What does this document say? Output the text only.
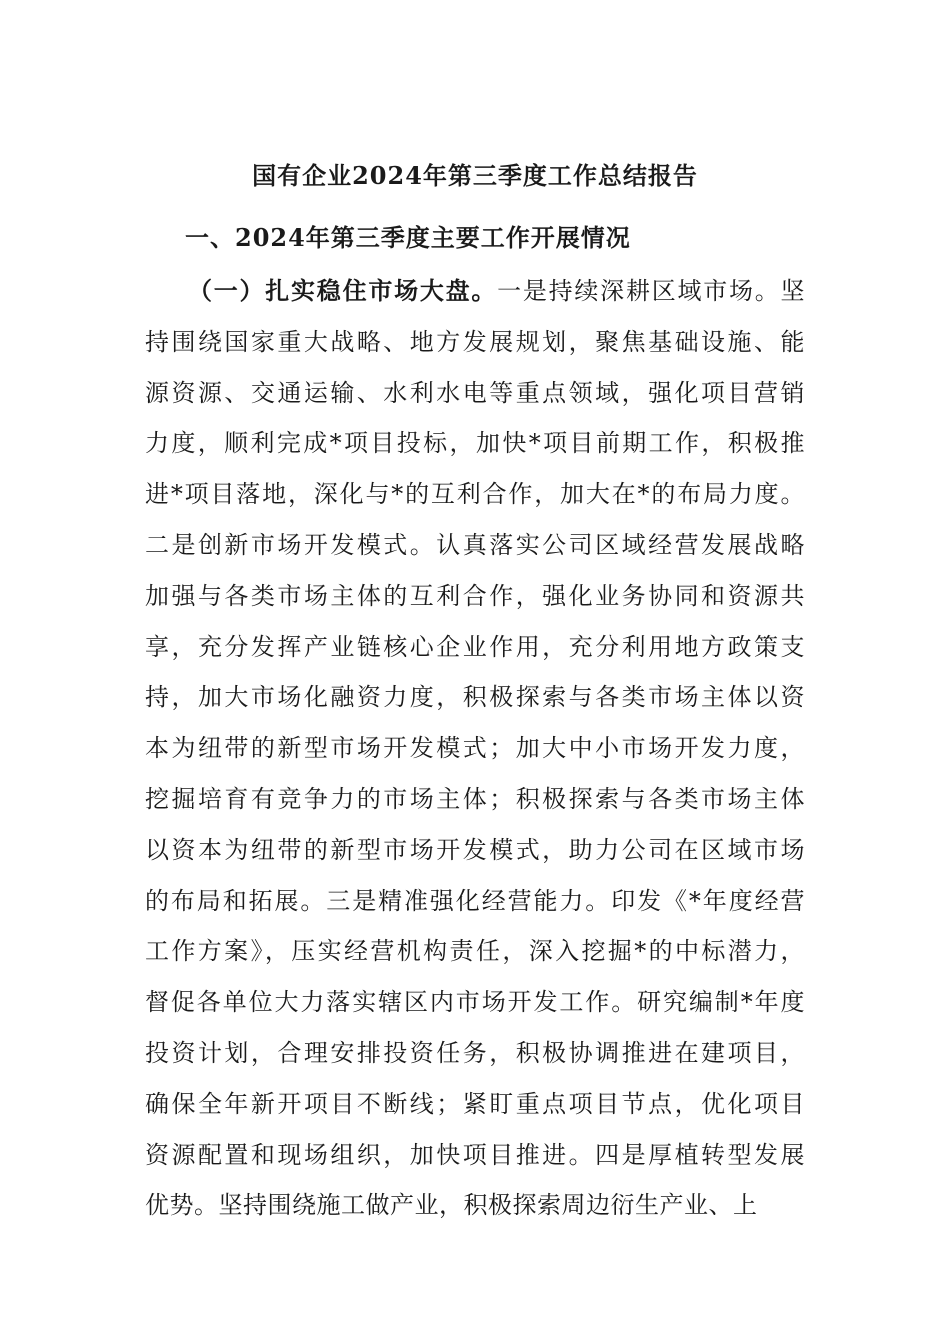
国有企业2024年第三季度工作总结报告
一、2024年第三季度主要工作开展情况
（一）扎实稳住市场大盘。一是持续深耕区域市场。坚
持围绕国家重大战略、地方发展规划，聚焦基础设施、能
源资源、交通运输、水利水电等重点领域，强化项目营销
力度，顺利完成*项目投标，加快*项目前期工作，积极推
进*项目落地，深化与*的互利合作，加大在*的布局力度。
二是创新市场开发模式。认真落实公司区域经营发展战略
加强与各类市场主体的互利合作，强化业务协同和资源共
享，充分发挥产业链核心企业作用，充分利用地方政策支
持，加大市场化融资力度，积极探索与各类市场主体以资
本为纽带的新型市场开发模式；加大中小市场开发力度，
挖掘培育有竞争力的市场主体；积极探索与各类市场主体
以资本为纽带的新型市场开发模式，助力公司在区域市场
的布局和拓展。三是精准强化经营能力。印发《*年度经营
工作方案》，压实经营机构责任，深入挖掘*的中标潜力，
督促各单位大力落实辖区内市场开发工作。研究编制*年度
投资计划，合理安排投资任务，积极协调推进在建项目，
确保全年新开项目不断线；紧盯重点项目节点，优化项目
资源配置和现场组织，加快项目推进。四是厚植转型发展
优势。坚持围绕施工做产业，积极探索周边衍生产业、上
